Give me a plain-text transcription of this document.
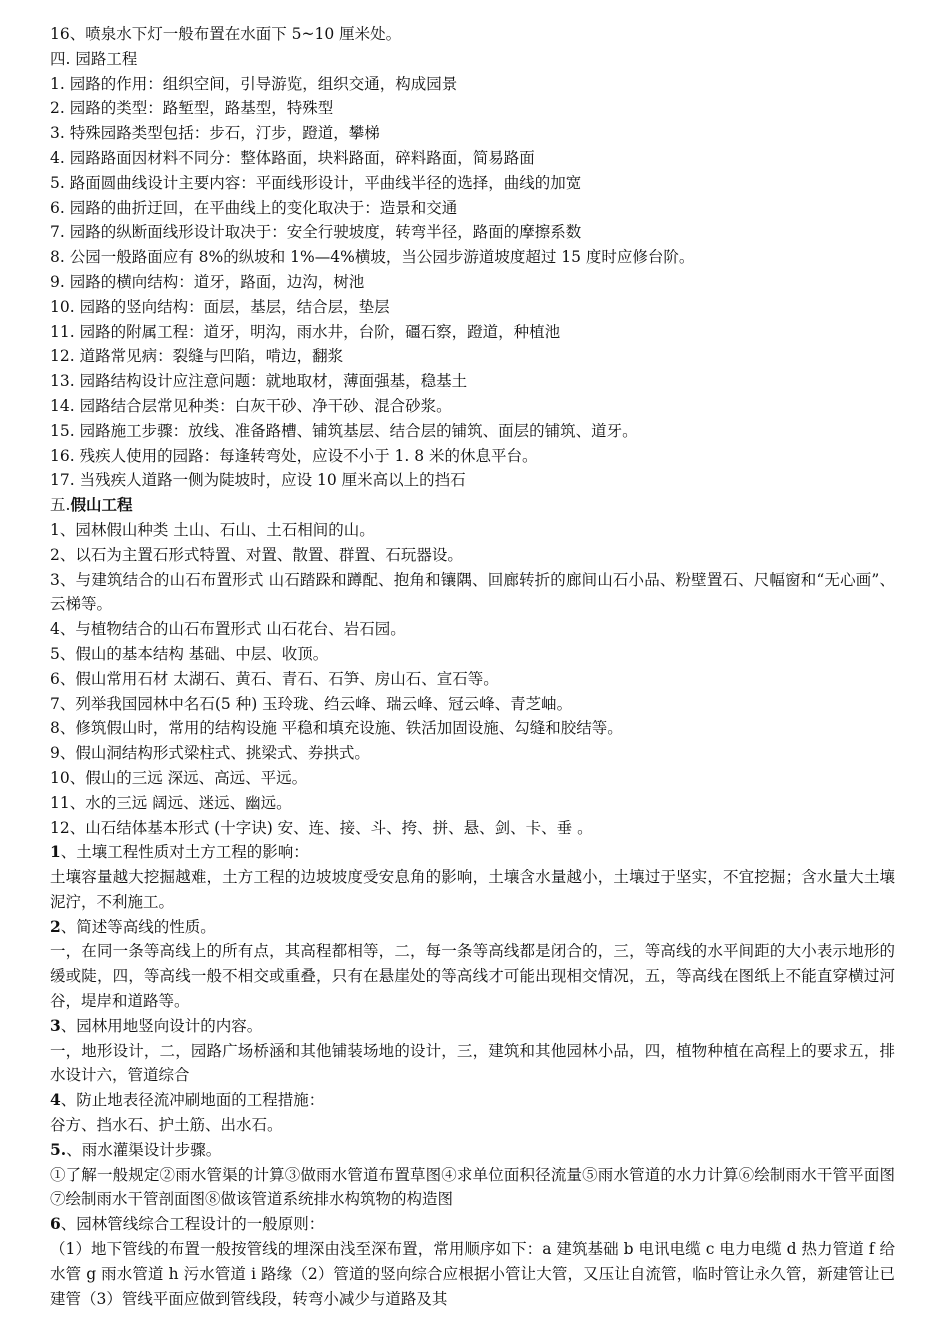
16、喷泉水下灯一般布置在水面下 5~10 厘米处。
四. 园路工程
1. 园路的作用：组织空间，引导游览，组织交通，构成园景
2. 园路的类型：路堑型，路基型，特殊型
3. 特殊园路类型包括：步石，汀步，蹬道，攀梯
4. 园路路面因材料不同分：整体路面，块料路面，碎料路面，简易路面
5. 路面圆曲线设计主要内容：平面线形设计，平曲线半径的选择，曲线的加宽
6. 园路的曲折迂回，在平曲线上的变化取决于：造景和交通
7. 园路的纵断面线形设计取决于：安全行驶坡度，转弯半径，路面的摩擦系数
8. 公园一般路面应有 8%的纵坡和 1%—4%横坡，当公园步游道坡度超过 15 度时应修台阶。
9. 园路的横向结构：道牙，路面，边沟，树池
10. 园路的竖向结构：面层，基层，结合层，垫层
11. 园路的附属工程：道牙，明沟，雨水井，台阶，礓石察，蹬道，种植池
12. 道路常见病：裂缝与凹陷，啃边，翻浆
13. 园路结构设计应注意问题：就地取材，薄面强基，稳基土
14. 园路结合层常见种类：白灰干砂、净干砂、混合砂浆。
15. 园路施工步骤：放线、准备路槽、铺筑基层、结合层的铺筑、面层的铺筑、道牙。
16. 残疾人使用的园路：每逢转弯处，应设不小于 1. 8 米的休息平台。
17. 当残疾人道路一侧为陡坡时，应设 10 厘米高以上的挡石
五.假山工程
1、园林假山种类 土山、石山、土石相间的山。
2、以石为主置石形式特置、对置、散置、群置、石玩器设。

3、与建筑结合的山石布置形式 山石踏跺和蹲配、抱角和镶隅、回廊转折的廊间山石小品、粉壁置石、尺幅窗和“无心画”、云梯等。

4、与植物结合的山石布置形式 山石花台、岩石园。
5、假山的基本结构 基础、中层、收顶。
6、假山常用石材 太湖石、黄石、青石、石笋、房山石、宣石等。
7、列举我国园林中名石(5 种) 玉玲珑、绉云峰、瑞云峰、冠云峰、青芝岫。
8、修筑假山时，常用的结构设施 平稳和填充设施、铁活加固设施、勾缝和胶结等。
9、假山洞结构形式梁柱式、挑梁式、券拱式。
10、假山的三远 深远、高远、平远。
11、水的三远 阔远、迷远、幽远。
12、山石结体基本形式 (十字诀) 安、连、接、斗、挎、拼、悬、剑、卡、垂 。
1、土壤工程性质对土方工程的影响：

土壤容量越大挖掘越难，土方工程的边坡坡度受安息角的影响，土壤含水量越小，土壤过于坚实，不宜挖掘；含水量大土壤泥泞，不利施工。

2、简述等高线的性质。

一，在同一条等高线上的所有点，其高程都相等，二，每一条等高线都是闭合的，三，等高线的水平间距的大小表示地形的缓或陡，四，等高线一般不相交或重叠，只有在悬崖处的等高线才可能出现相交情况，五，等高线在图纸上不能直穿横过河谷，堤岸和道路等。

3、园林用地竖向设计的内容。

一，地形设计，二，园路广场桥涵和其他铺装场地的设计，三，建筑和其他园林小品，四，植物种植在高程上的要求五，排水设计六，管道综合

4、防止地表径流冲刷地面的工程措施：

谷方、挡水石、护土筋、出水石。

5.、雨水灌渠设计步骤。

①了解一般规定②雨水管渠的计算③做雨水管道布置草图④求单位面积径流量⑤雨水管道的水力计算⑥绘制雨水干管平面图⑦绘制雨水干管剖面图⑧做该管道系统排水构筑物的构造图

6、园林管线综合工程设计的一般原则：

（1）地下管线的布置一般按管线的埋深由浅至深布置，常用顺序如下：a 建筑基础 b 电讯电缆 c 电力电缆 d 热力管道 f 给水管 g 雨水管道 h 污水管道 i 路缘（2）管道的竖向综合应根据小管让大管，又压让自流管，临时管让永久管，新建管让已建管（3）管线平面应做到管线段，转弯小减少与道路及其
